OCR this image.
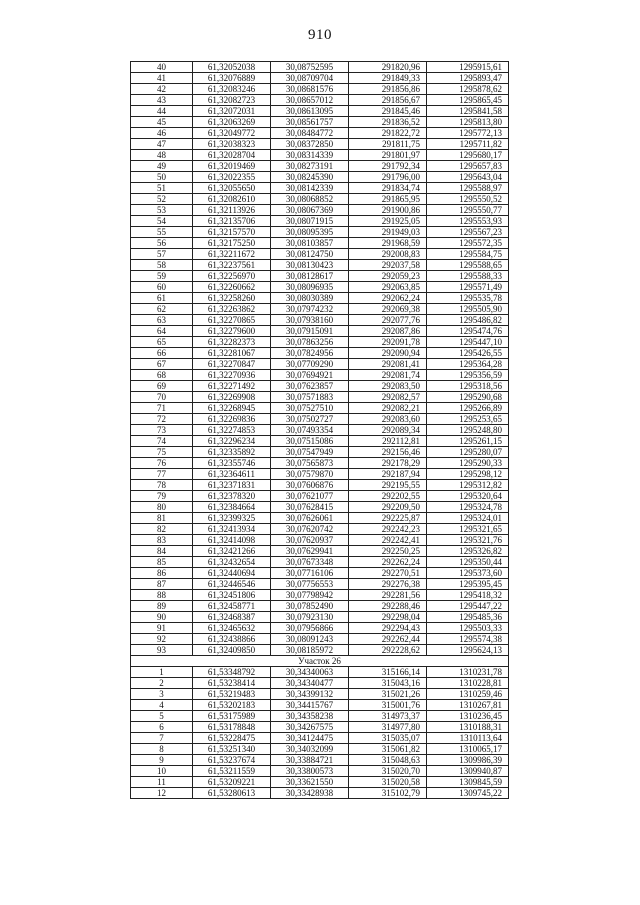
910
40	61,32052038	30,08752595	291820,96	1295915,61
41	61,32076889	30,08709704	291849,33	1295893,47
42	61,32083246	30,08681576	291856,86	1295878,62
43	61,32082723	30,08657012	291856,67	1295865,45
44	61,32072031	30,08613095	291845,46	1295841,58
45	61,32063269	30,08561757	291836,52	1295813,80
46	61,32049772	30,08484772	291822,72	1295772,13
47	61,32038323	30,08372850	291811,75	1295711,82
48	61,32028704	30,08314339	291801,97	1295680,17
49	61,32019469	30,08273191	291792,34	1295657,83
50	61,32022355	30,08245390	291796,00	1295643,04
51	61,32055650	30,08142339	291834,74	1295588,97
52	61,32082610	30,08068852	291865,95	1295550,52
53	61,32113926	30,08067369	291900,86	1295550,77
54	61,32135706	30,08071915	291925,05	1295553,93
55	61,32157570	30,08095395	291949,03	1295567,23
56	61,32175250	30,08103857	291968,59	1295572,35
57	61,32211672	30,08124750	292008,83	1295584,75
58	61,32237561	30,08130423	292037,58	1295588,65
59	61,32256970	30,08128617	292059,23	1295588,33
60	61,32260662	30,08096935	292063,85	1295571,49
61	61,32258260	30,08030389	292062,24	1295535,78
62	61,32263862	30,07974232	292069,38	1295505,90
63	61,32270865	30,07938160	292077,76	1295486,82
64	61,32279600	30,07915091	292087,86	1295474,76
65	61,32282373	30,07863256	292091,78	1295447,10
66	61,32281067	30,07824956	292090,94	1295426,55
67	61,32270847	30,07709290	292081,41	1295364,28
68	61,32270936	30,07694921	292081,74	1295356,59
69	61,32271492	30,07623857	292083,50	1295318,56
70	61,32269908	30,07571883	292082,57	1295290,68
71	61,32268945	30,07527510	292082,21	1295266,89
72	61,32269836	30,07502727	292083,60	1295253,65
73	61,32274853	30,07493354	292089,34	1295248,80
74	61,32296234	30,07515086	292112,81	1295261,15
75	61,32335892	30,07547949	292156,46	1295280,07
76	61,32355746	30,07565873	292178,29	1295290,33
77	61,32364611	30,07579870	292187,94	1295298,12
78	61,32371831	30,07606876	292195,55	1295312,82
79	61,32378320	30,07621077	292202,55	1295320,64
80	61,32384664	30,07628415	292209,50	1295324,78
81	61,32399325	30,07626061	292225,87	1295324,01
82	61,32413934	30,07620742	292242,23	1295321,65
83	61,32414098	30,07620937	292242,41	1295321,76
84	61,32421266	30,07629941	292250,25	1295326,82
85	61,32432654	30,07673348	292262,24	1295350,44
86	61,32440694	30,07716106	292270,51	1295373,60
87	61,32446546	30,07756553	292276,38	1295395,45
88	61,32451806	30,07798942	292281,56	1295418,32
89	61,32458771	30,07852490	292288,46	1295447,22
90	61,32468387	30,07923130	292298,04	1295485,36
91	61,32465632	30,07956866	292294,43	1295503,33
92	61,32438866	30,08091243	292262,44	1295574,38
93	61,32409850	30,08185972	292228,62	1295624,13
Участок 26				
1	61,53348792	30,34340063	315166,14	1310231,78
2	61,53238414	30,34340477	315043,16	1310228,81
3	61,53219483	30,34399132	315021,26	1310259,46
4	61,53202183	30,34415767	315001,76	1310267,81
5	61,53175989	30,34358238	314973,37	1310236,45
6	61,53178848	30,34267575	314977,80	1310188,31
7	61,53228475	30,34124475	315035,07	1310113,64
8	61,53251340	30,34032099	315061,82	1310065,17
9	61,53237674	30,33884721	315048,63	1309986,39
10	61,53211559	30,33800573	315020,70	1309940,87
11	61,53209221	30,33621550	315020,58	1309845,59
12	61,53280613	30,33428938	315102,79	1309745,22
